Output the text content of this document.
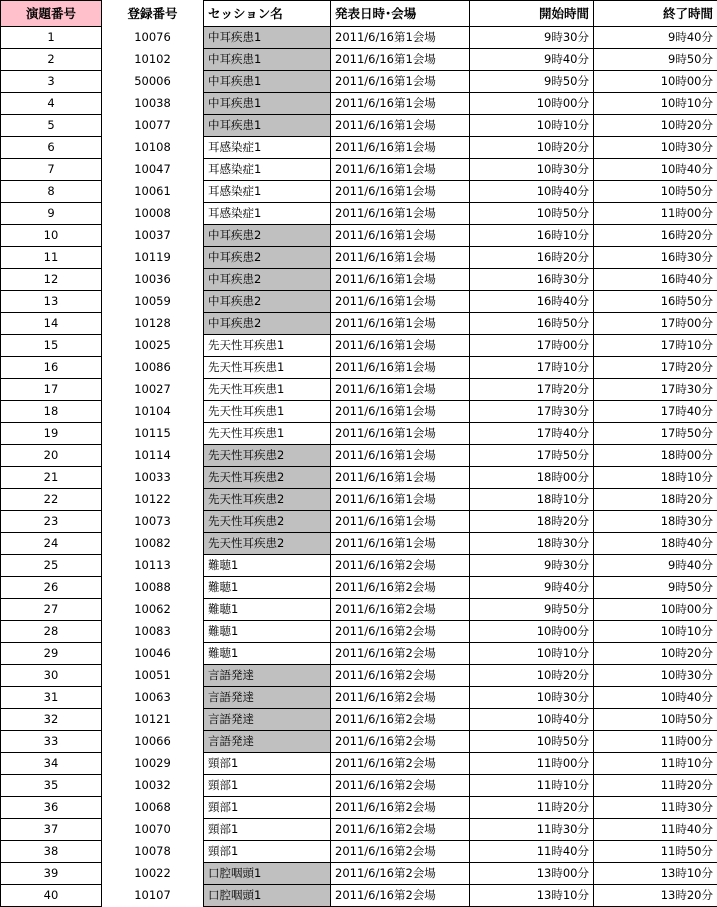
演題番号	登録番号	セッション名	発表日時･会場	開始時間	終了時間
1	10076	中耳疾患1	2011/6/16第1会場	9時30分	9時40分
2	10102	中耳疾患1	2011/6/16第1会場	9時40分	9時50分
3	50006	中耳疾患1	2011/6/16第1会場	9時50分	10時00分
4	10038	中耳疾患1	2011/6/16第1会場	10時00分	10時10分
5	10077	中耳疾患1	2011/6/16第1会場	10時10分	10時20分
6	10108	耳感染症1	2011/6/16第1会場	10時20分	10時30分
7	10047	耳感染症1	2011/6/16第1会場	10時30分	10時40分
8	10061	耳感染症1	2011/6/16第1会場	10時40分	10時50分
9	10008	耳感染症1	2011/6/16第1会場	10時50分	11時00分
10	10037	中耳疾患2	2011/6/16第1会場	16時10分	16時20分
11	10119	中耳疾患2	2011/6/16第1会場	16時20分	16時30分
12	10036	中耳疾患2	2011/6/16第1会場	16時30分	16時40分
13	10059	中耳疾患2	2011/6/16第1会場	16時40分	16時50分
14	10128	中耳疾患2	2011/6/16第1会場	16時50分	17時00分
15	10025	先天性耳疾患1	2011/6/16第1会場	17時00分	17時10分
16	10086	先天性耳疾患1	2011/6/16第1会場	17時10分	17時20分
17	10027	先天性耳疾患1	2011/6/16第1会場	17時20分	17時30分
18	10104	先天性耳疾患1	2011/6/16第1会場	17時30分	17時40分
19	10115	先天性耳疾患1	2011/6/16第1会場	17時40分	17時50分
20	10114	先天性耳疾患2	2011/6/16第1会場	17時50分	18時00分
21	10033	先天性耳疾患2	2011/6/16第1会場	18時00分	18時10分
22	10122	先天性耳疾患2	2011/6/16第1会場	18時10分	18時20分
23	10073	先天性耳疾患2	2011/6/16第1会場	18時20分	18時30分
24	10082	先天性耳疾患2	2011/6/16第1会場	18時30分	18時40分
25	10113	難聴1	2011/6/16第2会場	9時30分	9時40分
26	10088	難聴1	2011/6/16第2会場	9時40分	9時50分
27	10062	難聴1	2011/6/16第2会場	9時50分	10時00分
28	10083	難聴1	2011/6/16第2会場	10時00分	10時10分
29	10046	難聴1	2011/6/16第2会場	10時10分	10時20分
30	10051	言語発達	2011/6/16第2会場	10時20分	10時30分
31	10063	言語発達	2011/6/16第2会場	10時30分	10時40分
32	10121	言語発達	2011/6/16第2会場	10時40分	10時50分
33	10066	言語発達	2011/6/16第2会場	10時50分	11時00分
34	10029	頸部1	2011/6/16第2会場	11時00分	11時10分
35	10032	頸部1	2011/6/16第2会場	11時10分	11時20分
36	10068	頸部1	2011/6/16第2会場	11時20分	11時30分
37	10070	頸部1	2011/6/16第2会場	11時30分	11時40分
38	10078	頸部1	2011/6/16第2会場	11時40分	11時50分
39	10022	口腔咽頭1	2011/6/16第2会場	13時00分	13時10分
40	10107	口腔咽頭1	2011/6/16第2会場	13時10分	13時20分
